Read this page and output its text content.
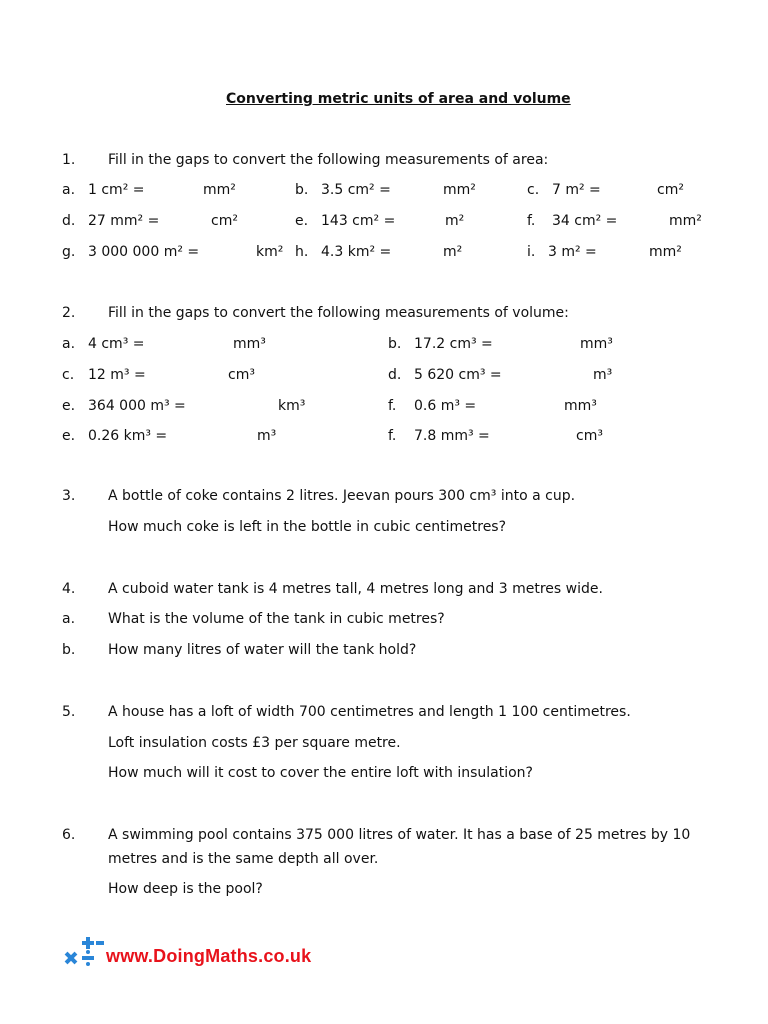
Converting metric units of area and volume
1. Fill in the gaps to convert the following measurements of area:
a. 1 cm² =	mm²	b. 3.5 cm² =	mm²	c. 7 m² =	cm²
d. 27 mm² =	cm²	e. 143 cm² =	m²	f. 34 cm² =	mm²
g. 3 000 000 m² =	km² h. 4.3 km² =	m²	i. 3 m² =	mm²
2. Fill in the gaps to convert the following measurements of volume:
a. 4 cm³ =	mm³	b. 17.2 cm³ =	mm³
c. 12 m³ =	cm³	d. 5 620 cm³ =	m³
e. 364 000 m³ =	km³	f. 0.6 m³ =	mm³
e. 0.26 km³ =	m³	f. 7.8 mm³ =	cm³
3. A bottle of coke contains 2 litres. Jeevan pours 300 cm³ into a cup.
How much coke is left in the bottle in cubic centimetres?
4. A cuboid water tank is 4 metres tall, 4 metres long and 3 metres wide.
a. What is the volume of the tank in cubic metres?
b. How many litres of water will the tank hold?
5. A house has a loft of width 700 centimetres and length 1 100 centimetres.
Loft insulation costs £3 per square metre.
How much will it cost to cover the entire loft with insulation?
6. A swimming pool contains 375 000 litres of water. It has a base of 25 metres by 10
metres and is the same depth all over.
How deep is the pool?
www.DoingMaths.co.uk
